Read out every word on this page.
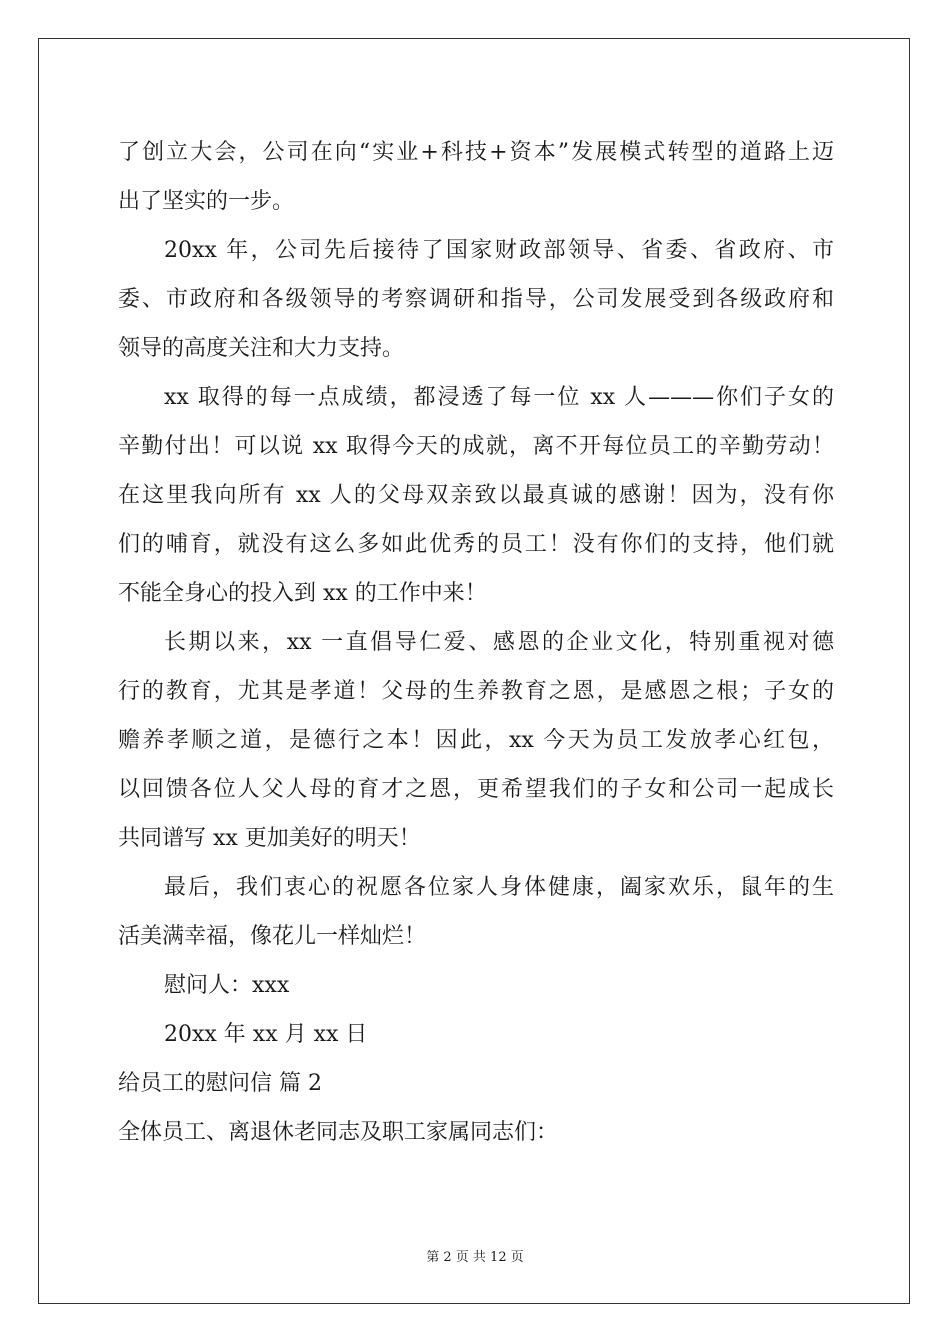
了创立大会，公司在向“实业+科技+资本”发展模式转型的道路上迈
出了坚实的一步。
20xx 年，公司先后接待了国家财政部领导、省委、省政府、市
委、市政府和各级领导的考察调研和指导，公司发展受到各级政府和
领导的高度关注和大力支持。
xx 取得的每一点成绩，都浸透了每一位 xx 人———你们子女的
辛勤付出！可以说 xx 取得今天的成就，离不开每位员工的辛勤劳动！
在这里我向所有 xx 人的父母双亲致以最真诚的感谢！因为，没有你
们的哺育，就没有这么多如此优秀的员工！没有你们的支持，他们就
不能全身心的投入到 xx 的工作中来！
长期以来，xx 一直倡导仁爱、感恩的企业文化，特别重视对德
行的教育，尤其是孝道！父母的生养教育之恩，是感恩之根；子女的
赡养孝顺之道，是德行之本！因此，xx 今天为员工发放孝心红包，
以回馈各位人父人母的育才之恩，更希望我们的子女和公司一起成长
共同谱写 xx 更加美好的明天！
最后，我们衷心的祝愿各位家人身体健康，阖家欢乐，鼠年的生
活美满幸福，像花儿一样灿烂！
慰问人：xxx
20xx 年 xx 月 xx 日
给员工的慰问信 篇 2
全体员工、离退休老同志及职工家属同志们：
第 2 页 共 12 页
